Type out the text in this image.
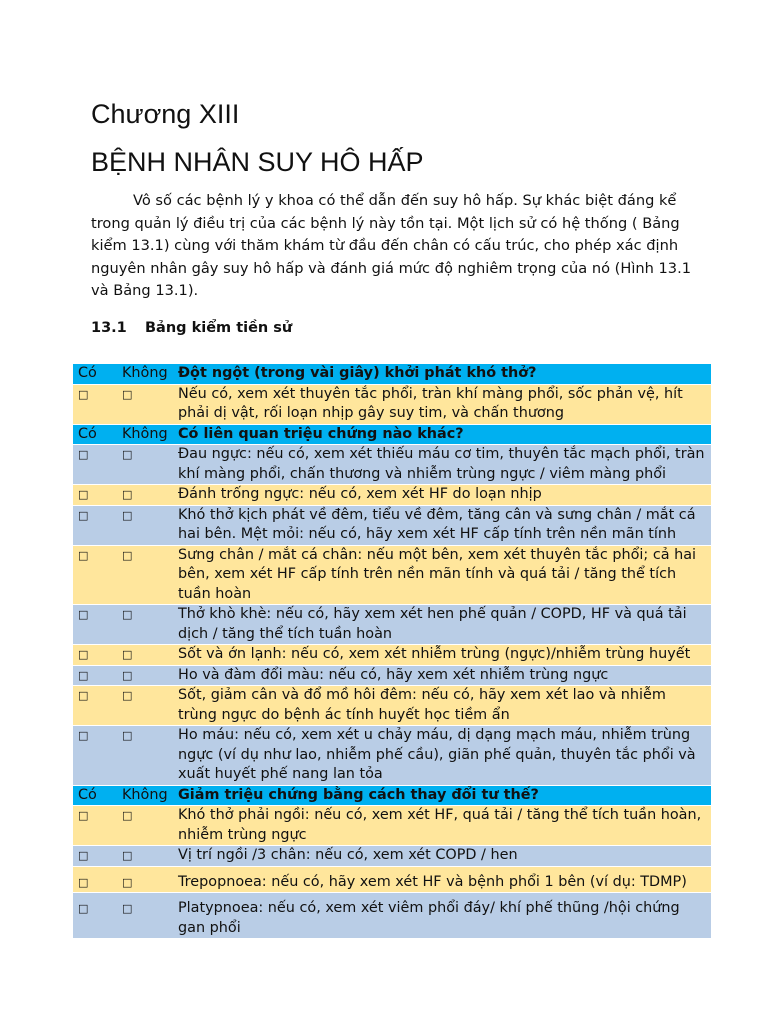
Chương XIII
BỆNH NHÂN SUY HÔ HẤP

Vô số các bệnh lý y khoa có thể dẫn đến suy hô hấp. Sự khác biệt đáng kể trong quản lý điều trị của các bệnh lý này tồn tại. Một lịch sử có hệ thống ( Bảng kiểm 13.1) cùng với thăm khám từ đầu đến chân có cấu trúc, cho phép xác định nguyên nhân gây suy hô hấp và đánh giá mức độ nghiêm trọng của nó (Hình 13.1 và Bảng 13.1).

13.1 Bảng kiểm tiền sử
Có	Không	Đột ngột (trong vài giây) khởi phát khó thở?
□	□	Nếu có, xem xét thuyên tắc phổi, tràn khí màng phổi, sốc phản vệ, hít phải dị vật, rối loạn nhịp gây suy tim, và chấn thương
Có	Không	Có liên quan triệu chứng nào khác?
□	□	Đau ngực: nếu có, xem xét thiếu máu cơ tim, thuyên tắc mạch phổi, tràn khí màng phổi, chấn thương và nhiễm trùng ngực / viêm màng phổi
□	□	Đánh trống ngực: nếu có, xem xét HF do loạn nhịp
□	□	Khó thở kịch phát về đêm, tiểu về đêm, tăng cân và sưng chân / mắt cá hai bên. Mệt mỏi: nếu có, hãy xem xét HF cấp tính trên nền mãn tính
□	□	Sưng chân / mắt cá chân: nếu một bên, xem xét thuyên tắc phổi; cả hai bên, xem xét HF cấp tính trên nền mãn tính và quá tải / tăng thể tích tuần hoàn
□	□	Thở khò khè: nếu có, hãy xem xét hen phế quản / COPD, HF và quá tải dịch / tăng thể tích tuần hoàn
□	□	Sốt và ớn lạnh: nếu có, xem xét nhiễm trùng (ngực)/nhiễm trùng huyết
□	□	Ho và đàm đổi màu: nếu có, hãy xem xét nhiễm trùng ngực
□	□	Sốt, giảm cân và đổ mồ hôi đêm: nếu có, hãy xem xét lao và nhiễm trùng ngực do bệnh ác tính huyết học tiềm ẩn
□	□	Ho máu: nếu có, xem xét u chảy máu, dị dạng mạch máu, nhiễm trùng ngực (ví dụ như lao, nhiễm phế cầu), giãn phế quản, thuyên tắc phổi và xuất huyết phế nang lan tỏa
Có	Không	Giảm triệu chứng bằng cách thay đổi tư thế?
□	□	Khó thở phải ngồi: nếu có, xem xét HF, quá tải / tăng thể tích tuần hoàn, nhiễm trùng ngực
□	□	Vị trí ngồi /3 chân: nếu có, xem xét COPD / hen
□	□	Trepopnoea: nếu có, hãy xem xét HF và bệnh phổi 1 bên (ví dụ: TDMP)
□	□	Platypnoea: nếu có, xem xét viêm phổi đáy/ khí phế thũng /hội chứng gan phổi
